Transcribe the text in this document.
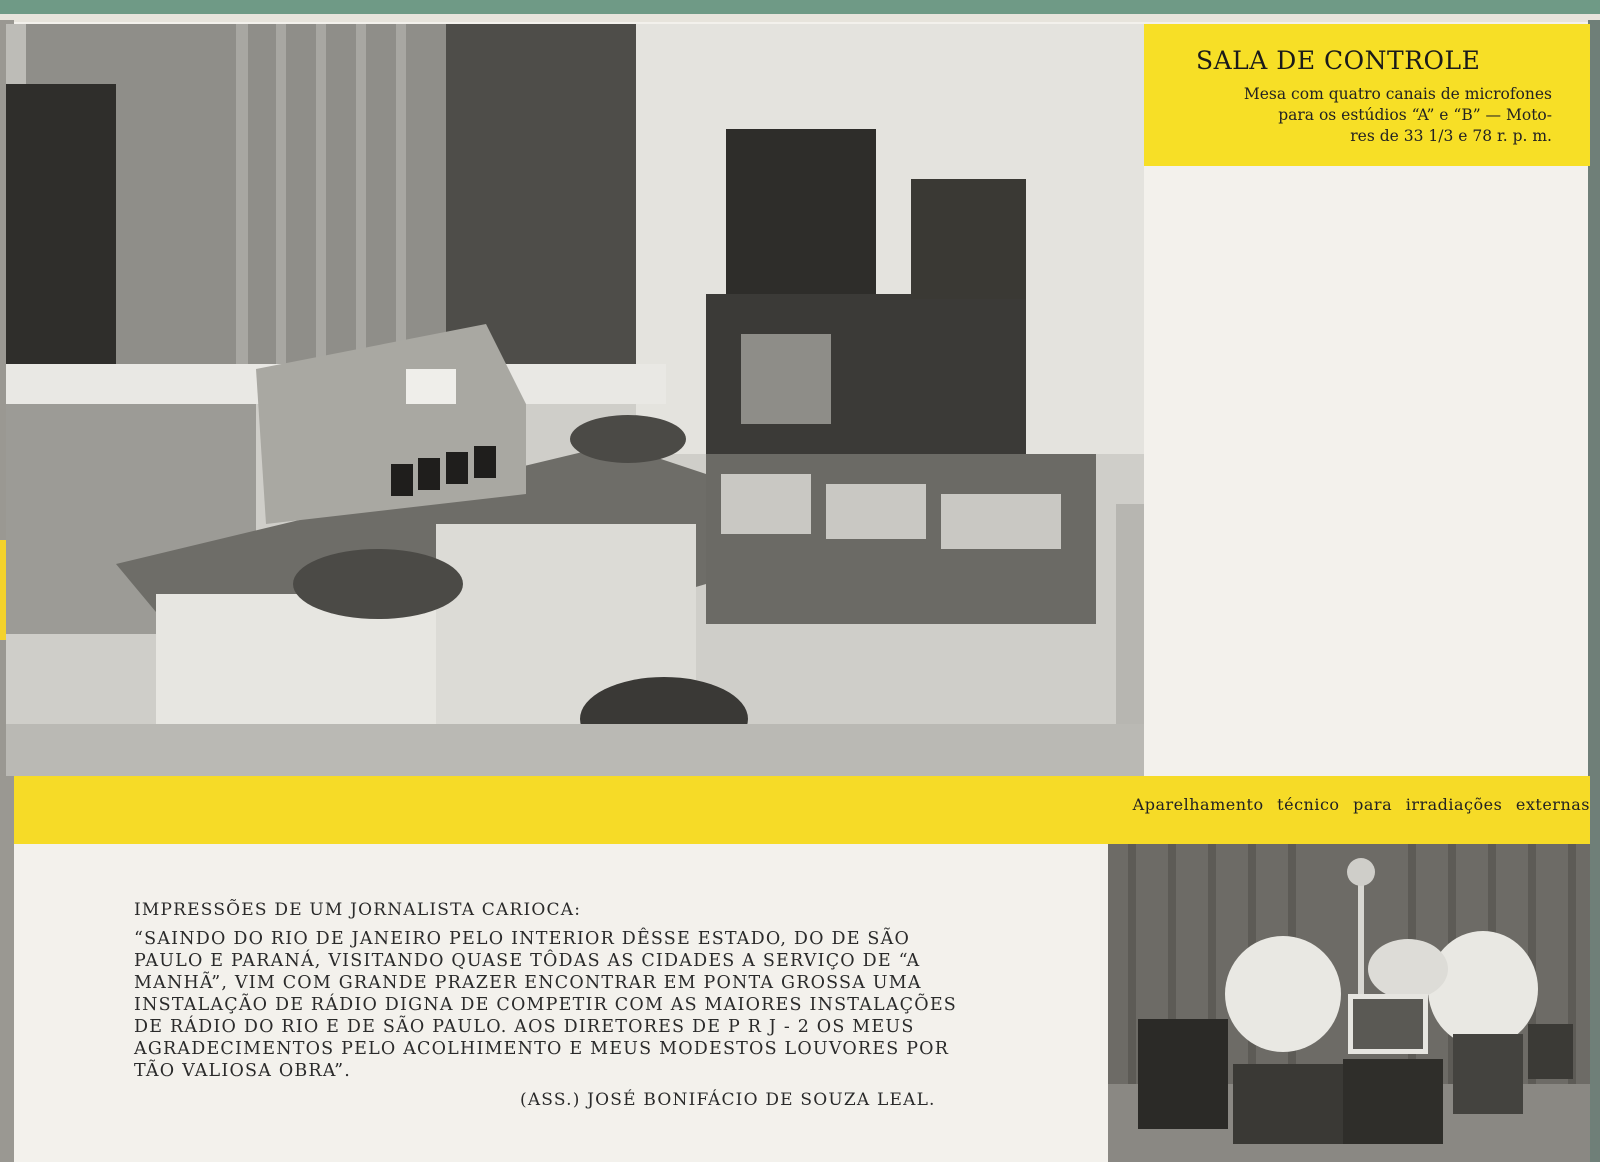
SALA DE CONTROLE
Mesa com quatro canais de microfones
para os estúdios “A” e “B” — Moto-
res de 33 1/3 e 78 r. p. m.
Aparelhamento técnico para irradiações externas
IMPRESSÕES DE UM JORNALISTA CARIOCA:
“SAINDO DO RIO DE JANEIRO PELO INTERIOR DÊSSE ESTADO, DO DE SÃO
PAULO E PARANÁ, VISITANDO QUASE TÔDAS AS CIDADES A SERVIÇO DE “A
MANHÃ”, VIM COM GRANDE PRAZER ENCONTRAR EM PONTA GROSSA UMA
INSTALAÇÃO DE RÁDIO DIGNA DE COMPETIR COM AS MAIORES INSTALAÇÕES
DE RÁDIO DO RIO E DE SÃO PAULO. AOS DIRETORES DE P R J - 2 OS MEUS
AGRADECIMENTOS PELO ACOLHIMENTO E MEUS MODESTOS LOUVORES POR
TÃO VALIOSA OBRA”.
(ASS.) JOSÉ BONIFÁCIO DE SOUZA LEAL.
